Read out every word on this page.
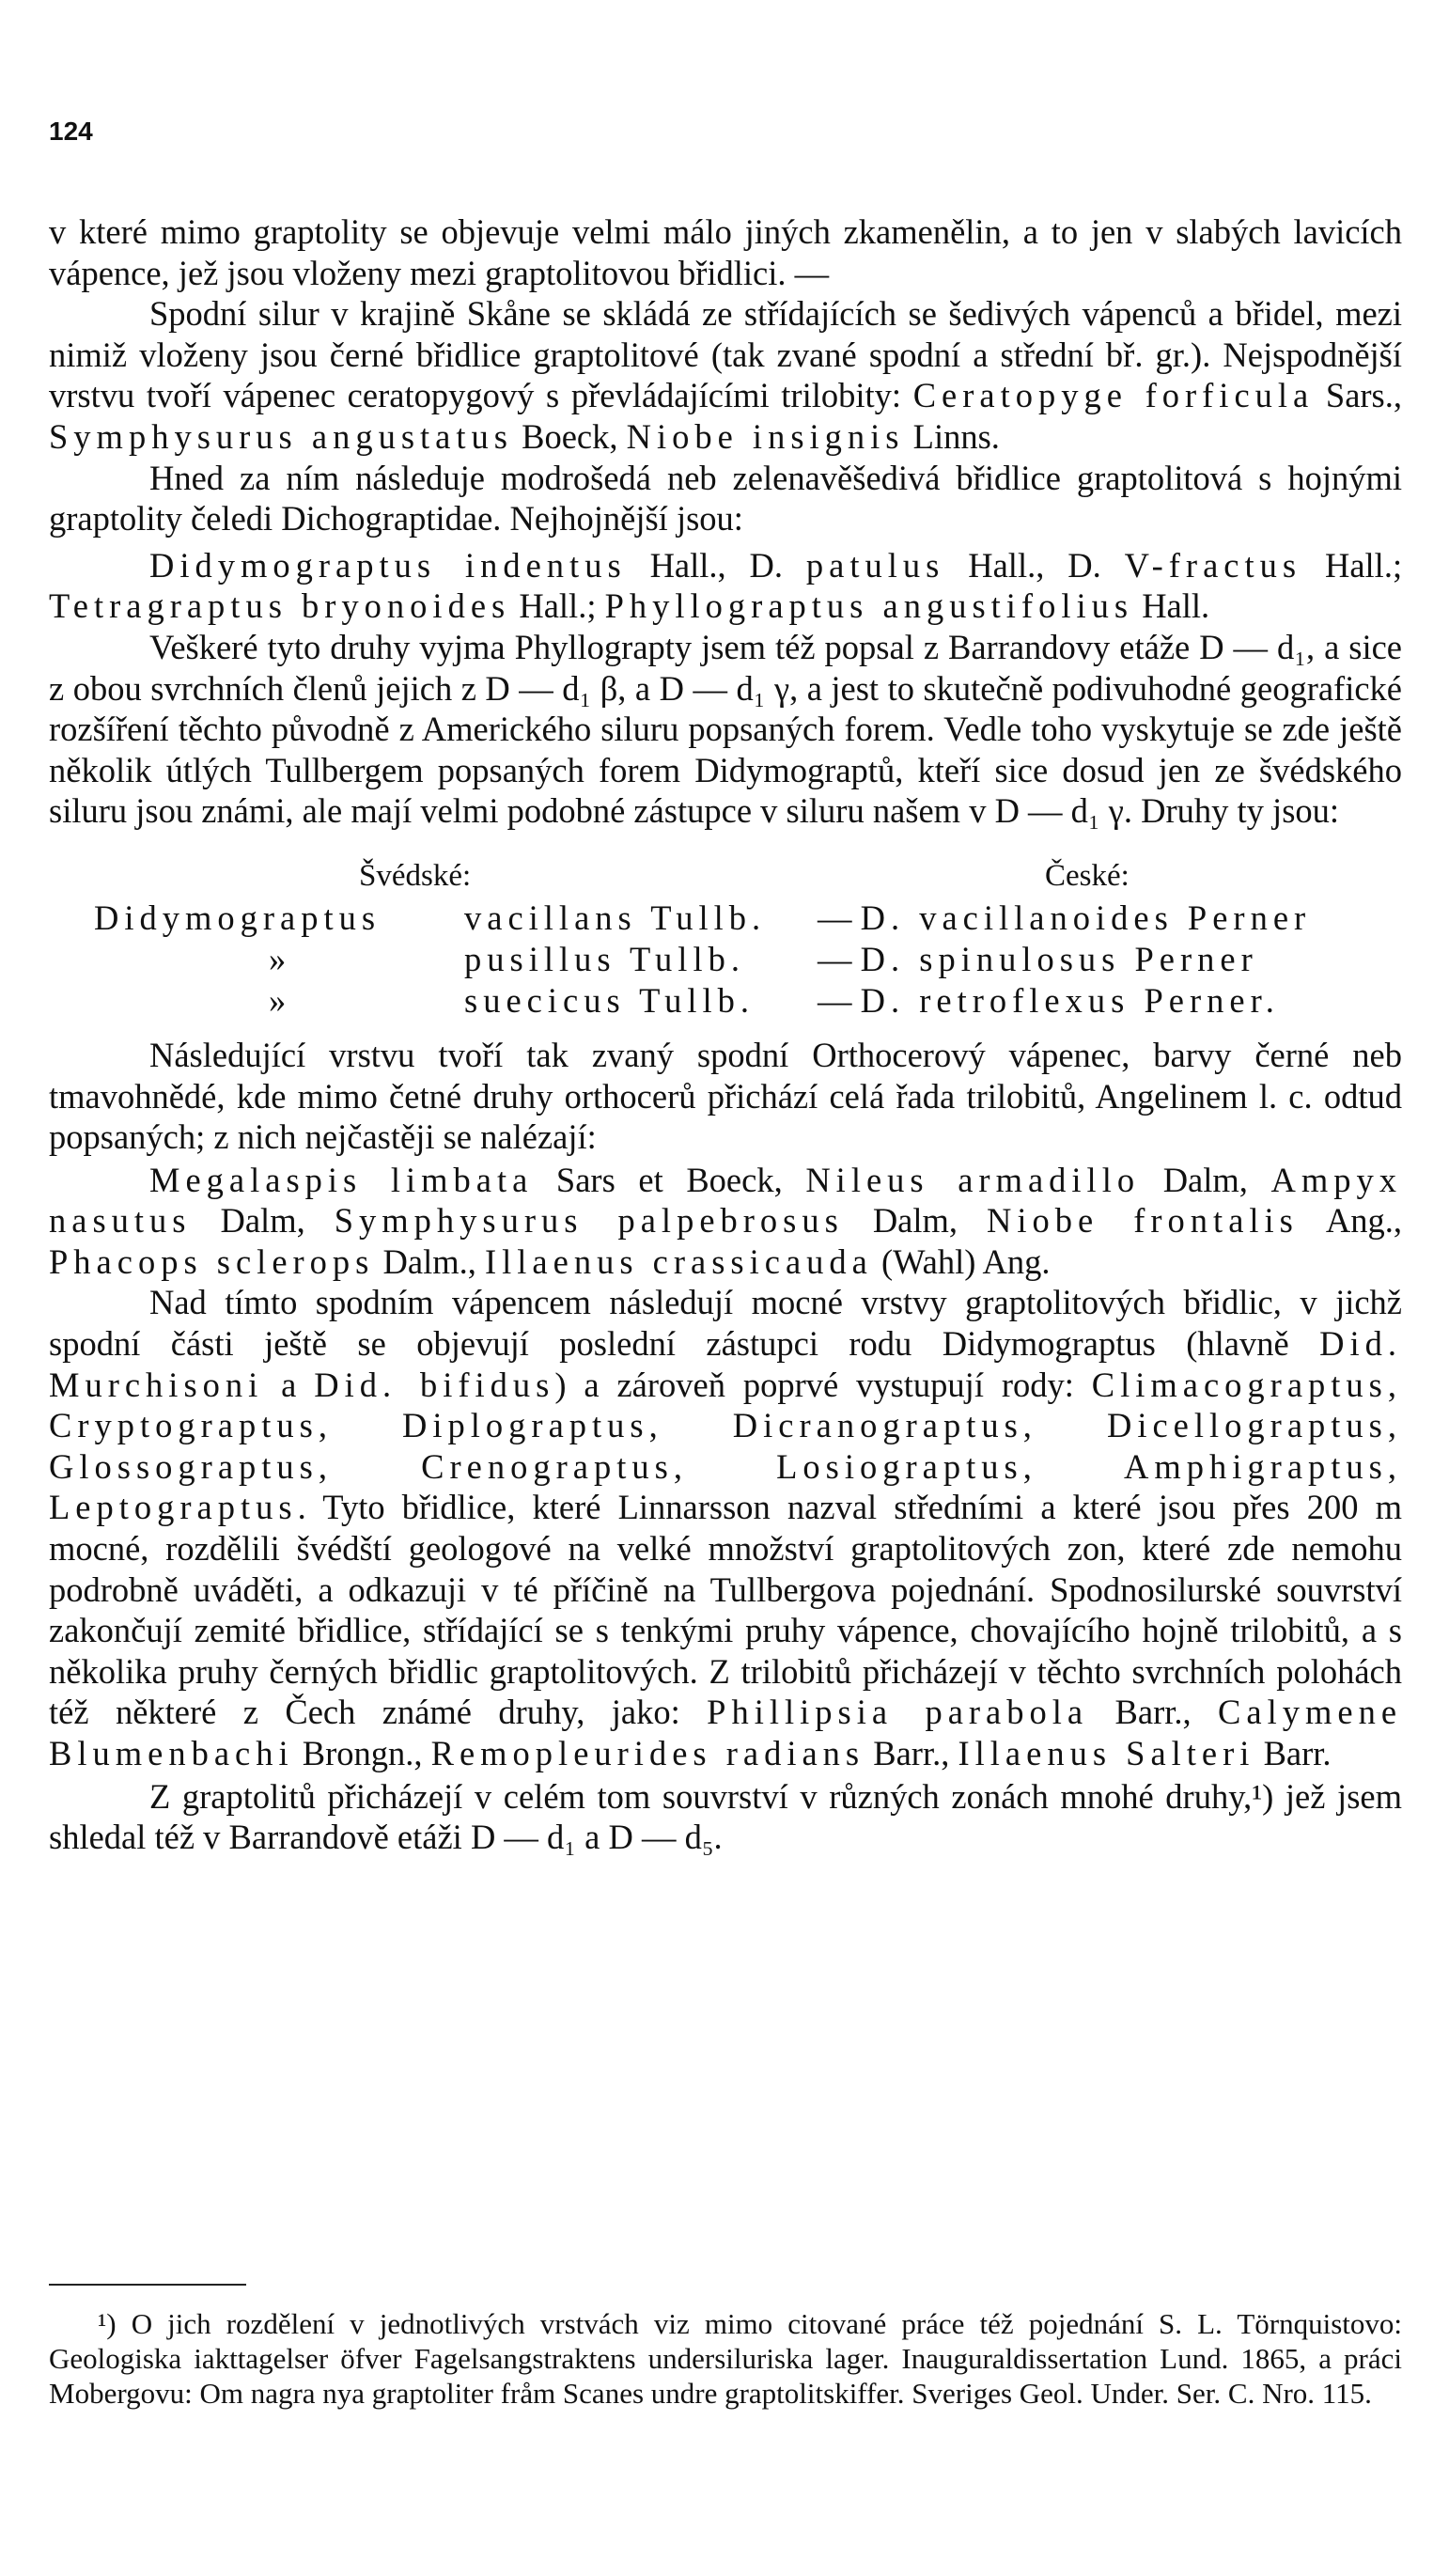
124

v které mimo graptolity se objevuje velmi málo jiných zkamenělin, a to jen v slabých lavicích vápence, jež jsou vloženy mezi graptolitovou břidlici. —

Spodní silur v krajině Skåne se skládá ze střídajících se šedivých vápenců a břidel, mezi nimiž vloženy jsou černé břidlice graptolitové (tak zvané spodní a střední bř. gr.). Nejspodnější vrstvu tvoří vápenec ceratopygový s převládajícími trilobity: Ceratopyge forficula Sars., Symphysurus angustatus Boeck, Niobe insignis Linns.

Hned za ním následuje modrošedá neb zelenavěšedivá břidlice graptolitová s hojnými graptolity čeledi Dichograptidae. Nejhojnější jsou:

Didymograptus indentus Hall., D. patulus Hall., D. V-fractus Hall.; Tetragraptus bryonoides Hall.; Phyllograptus angustifolius Hall.

Veškeré tyto druhy vyjma Phyllograpty jsem též popsal z Barrandovy etáže D — d₁, a sice z obou svrchních členů jejich z D — d₁ β, a D — d₁ γ, a jest to skutečně podivuhodné geografické rozšíření těchto původně z Amerického siluru popsaných forem. Vedle toho vyskytuje se zde ještě několik útlých Tullbergem popsaných forem Didymograptů, kteří sice dosud jen ze švédského siluru jsou známi, ale mají velmi podobné zástupce v siluru našem v D — d₁ γ. Druhy ty jsou:

Švédské:	České:
Didymograptus vacillans Tullb. — D. vacillanoides Perner
»	pusillus Tullb. — D. spinulosus Perner
»	suecicus Tullb. — D. retroflexus Perner.

Následující vrstvu tvoří tak zvaný spodní Orthocerový vápenec, barvy černé neb tmavohnědé, kde mimo četné druhy orthocerů přichází celá řada trilobitů, Angelinem l. c. odtud popsaných; z nich nejčastěji se nalézají:

Megalaspis limbata Sars et Boeck, Nileus armadillo Dalm, Ampyx nasutus Dalm, Symphysurus palpebrosus Dalm, Niobe frontalis Ang., Phacops sclerops Dalm., Illaenus crassicauda (Wahl) Ang.

Nad tímto spodním vápencem následují mocné vrstvy graptolitových břidlic, v jichž spodní části ještě se objevují poslední zástupci rodu Didymograptus (hlavně Did. Murchisoni a Did. bifidus) a zároveň poprvé vystupují rody: Climacograptus, Cryptograptus, Diplograptus, Dicranograptus, Dicellograptus, Glossograptus, Crenograptus, Losiograptus, Amphigraptus, Leptograptus. Tyto břidlice, které Linnarsson nazval středními a které jsou přes 200 m mocné, rozdělili švédští geologové na velké množství graptolitových zon, které zde nemohu podrobně uváděti, a odkazuji v té příčině na Tullbergova pojednání. Spodnosilurské souvrství zakončují zemité břidlice, střídající se s tenkými pruhy vápence, chovajícího hojně trilobitů, a s několika pruhy černých břidlic graptolitových. Z trilobitů přicházejí v těchto svrchních polohách též některé z Čech známé druhy, jako: Phillipsia parabola Barr., Calymene Blumenbachi Brongn., Remopleurides radians Barr., Illaenus Salteri Barr.

Z graptolitů přicházejí v celém tom souvrství v různých zonách mnohé druhy,¹) jež jsem shledal též v Barrandově etáži D — d₁ a D — d₅.

¹) O jich rozdělení v jednotlivých vrstvách viz mimo citované práce též pojednání S. L. Törnquistovo: Geologiska iakttagelser öfver Fagelsangstraktens undersiluriska lager. Inauguraldissertation Lund. 1865, a práci Mobergovu: Om nagra nya graptoliter fråm Scanes undre graptolitskiffer. Sveriges Geol. Under. Ser. C. Nro. 115.
